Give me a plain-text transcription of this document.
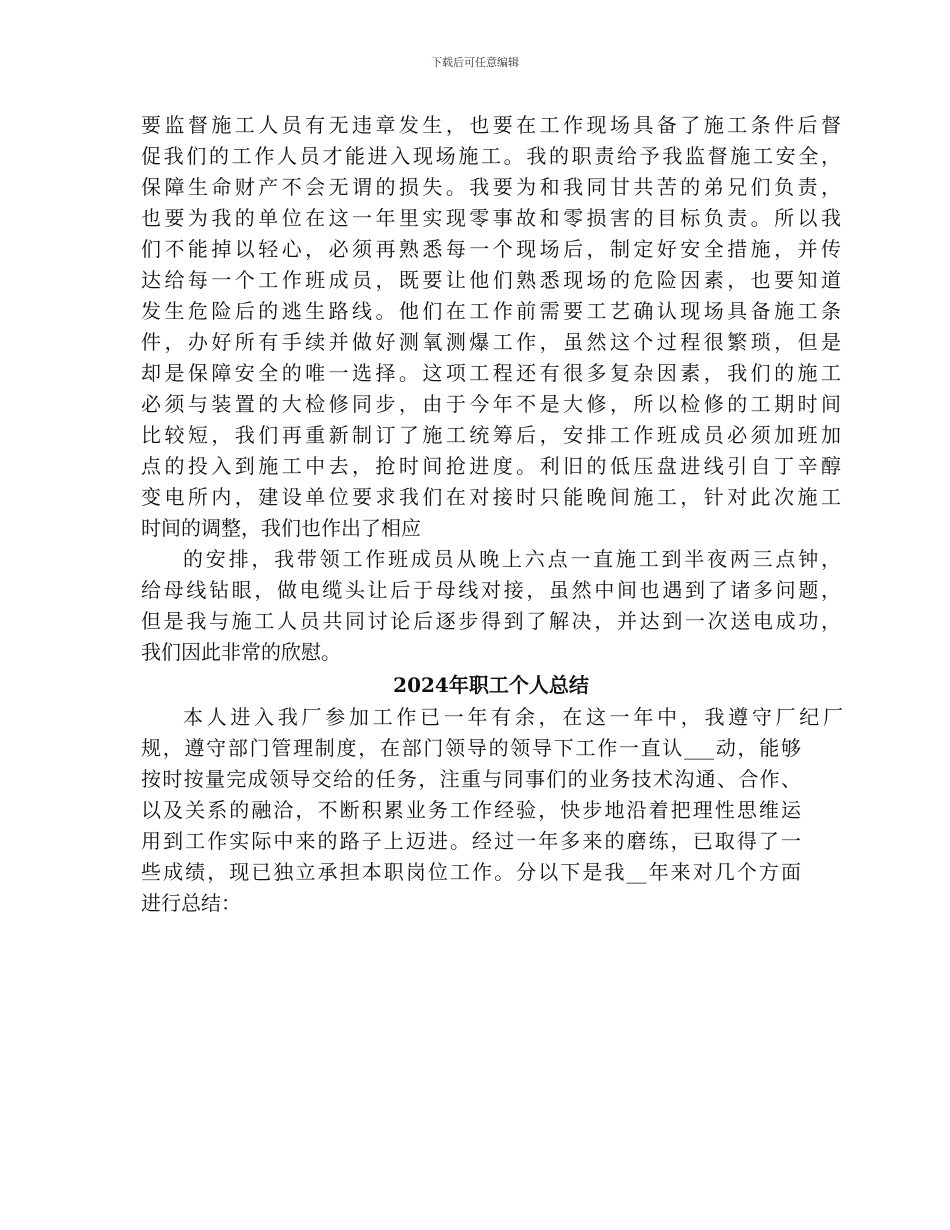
下载后可任意编辑
要监督施工人员有无违章发生，也要在工作现场具备了施工条件后督
促我们的工作人员才能进入现场施工。我的职责给予我监督施工安全，
保障生命财产不会无谓的损失。我要为和我同甘共苦的弟兄们负责，
也要为我的单位在这一年里实现零事故和零损害的目标负责。所以我
们不能掉以轻心，必须再熟悉每一个现场后，制定好安全措施，并传
达给每一个工作班成员，既要让他们熟悉现场的危险因素，也要知道
发生危险后的逃生路线。他们在工作前需要工艺确认现场具备施工条
件，办好所有手续并做好测氧测爆工作，虽然这个过程很繁琐，但是
却是保障安全的唯一选择。这项工程还有很多复杂因素，我们的施工
必须与装置的大检修同步，由于今年不是大修，所以检修的工期时间
比较短，我们再重新制订了施工统筹后，安排工作班成员必须加班加
点的投入到施工中去，抢时间抢进度。利旧的低压盘进线引自丁辛醇
变电所内，建设单位要求我们在对接时只能晚间施工，针对此次施工
时间的调整，我们也作出了相应
的安排，我带领工作班成员从晚上六点一直施工到半夜两三点钟，
给母线钻眼，做电缆头让后于母线对接，虽然中间也遇到了诸多问题，
但是我与施工人员共同讨论后逐步得到了解决，并达到一次送电成功，
我们因此非常的欣慰。
2024年职工个人总结
本人进入我厂参加工作已一年有余，在这一年中，我遵守厂纪厂
规，遵守部门管理制度，在部门领导的领导下工作一直认___动，能够
按时按量完成领导交给的任务，注重与同事们的业务技术沟通、合作、
以及关系的融洽，不断积累业务工作经验，快步地沿着把理性思维运
用到工作实际中来的路子上迈进。经过一年多来的磨练，已取得了一
些成绩，现已独立承担本职岗位工作。分以下是我__年来对几个方面
进行总结：
